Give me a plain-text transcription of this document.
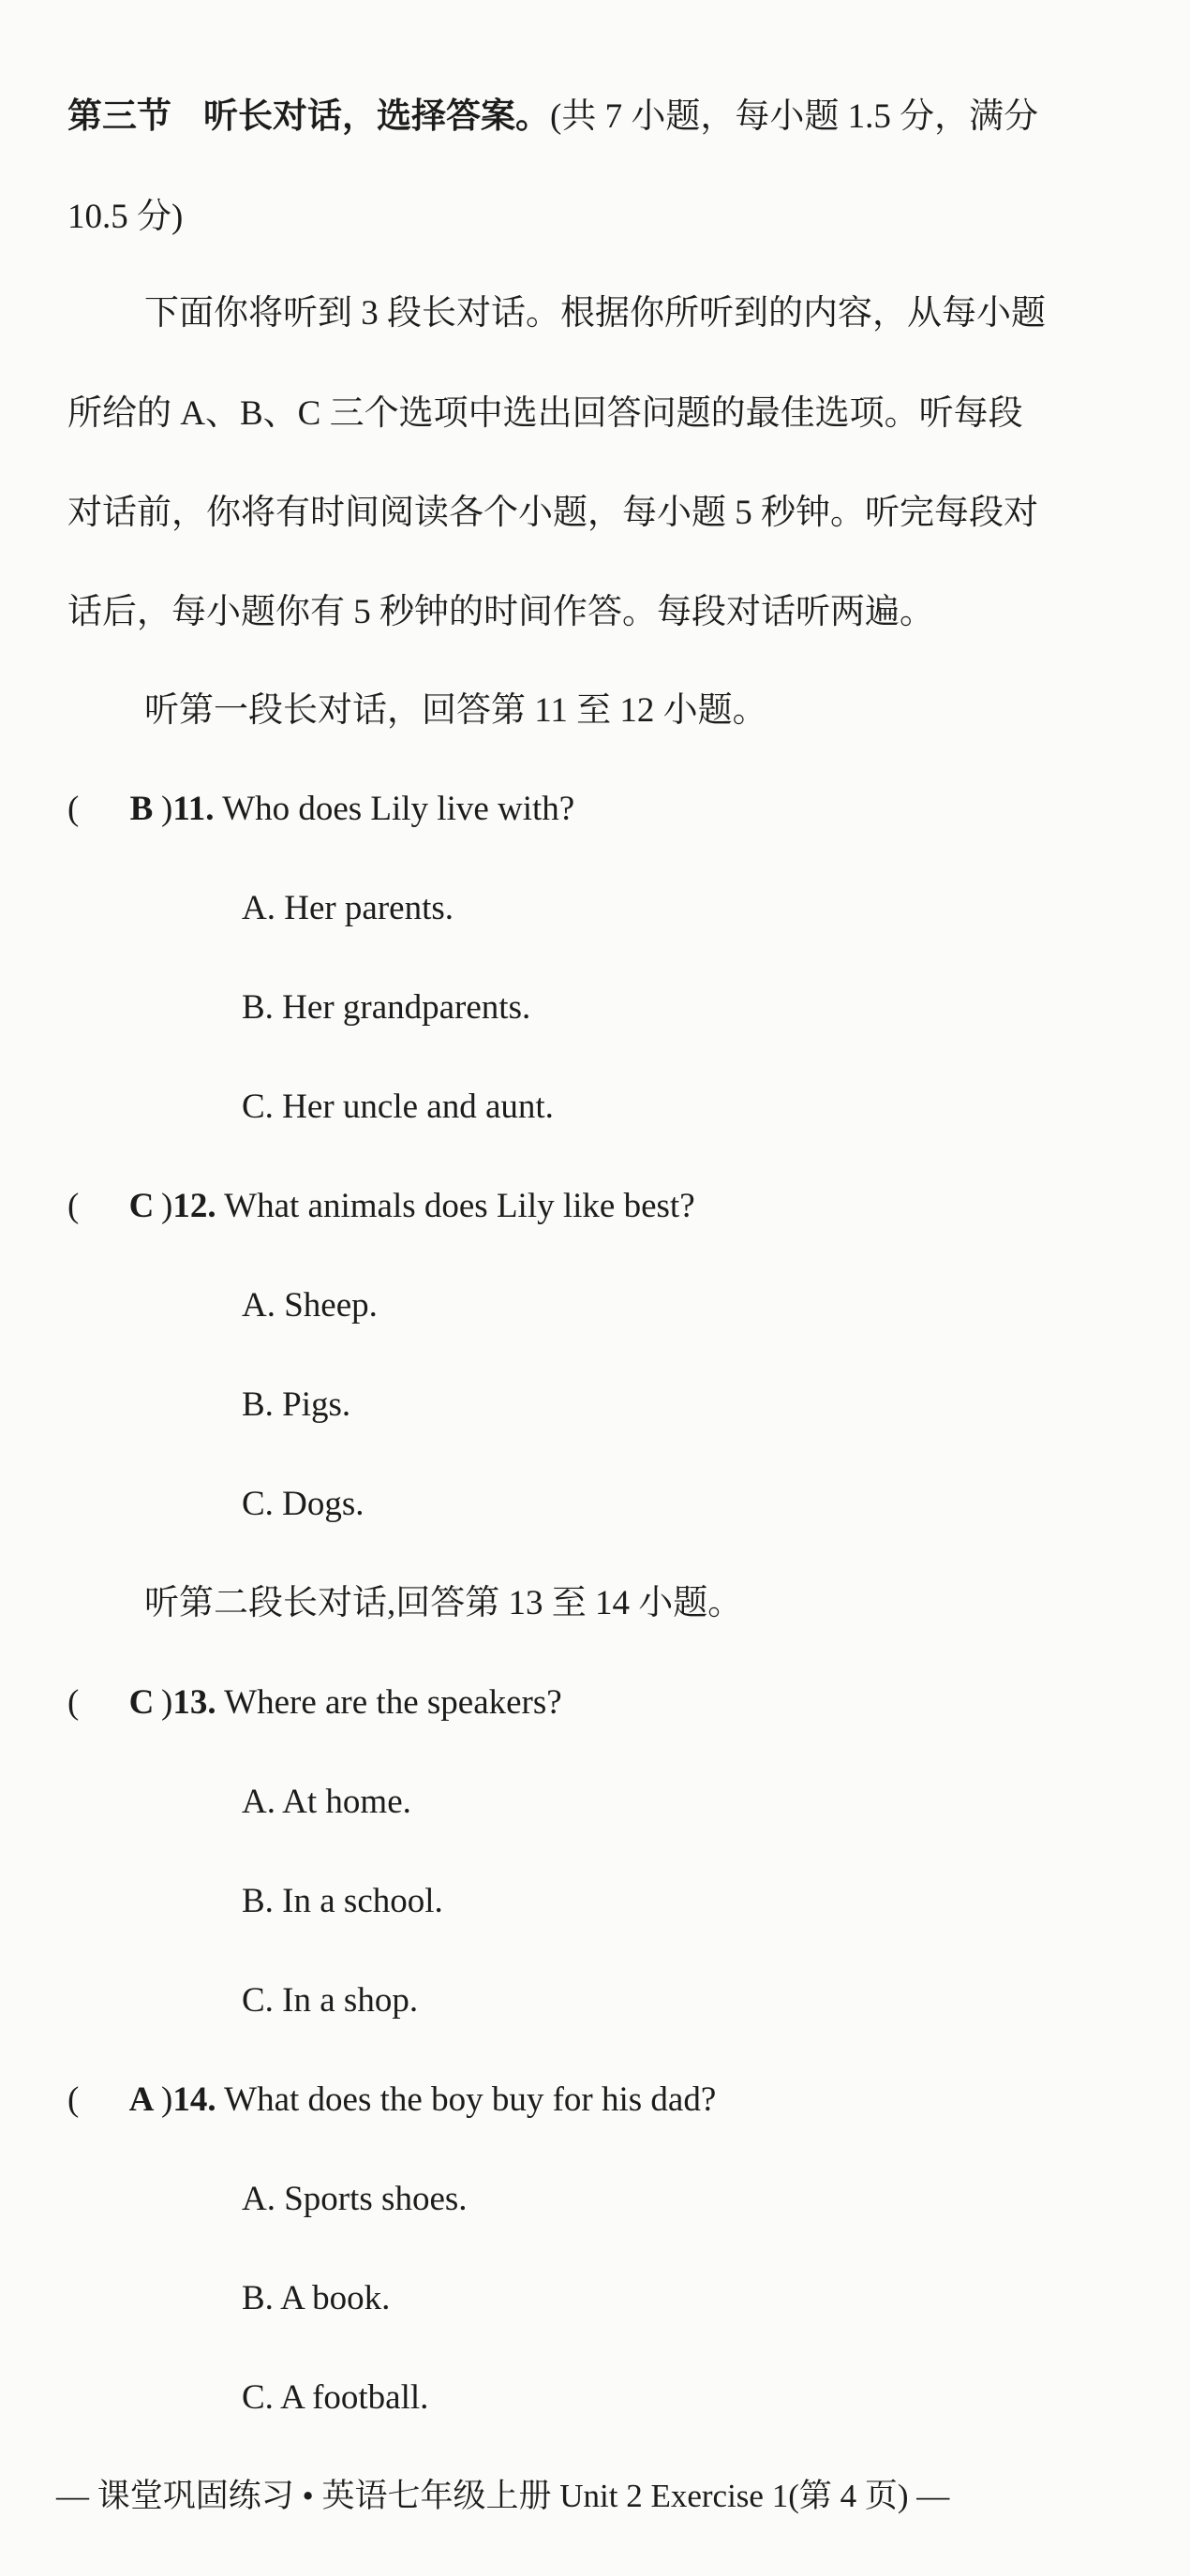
第三节 听长对话，选择答案。(共 7 小题，每小题 1.5 分，满分
10.5 分)
下面你将听到 3 段长对话。根据你所听到的内容，从每小题
所给的 A、B、C 三个选项中选出回答问题的最佳选项。听每段
对话前，你将有时间阅读各个小题，每小题 5 秒钟。听完每段对
话后，每小题你有 5 秒钟的时间作答。每段对话听两遍。
听第一段长对话，回答第 11 至 12 小题。
( B )11. Who does Lily live with?
A. Her parents.
B. Her grandparents.
C. Her uncle and aunt.
( C )12. What animals does Lily like best?
A. Sheep.
B. Pigs.
C. Dogs.
听第二段长对话,回答第 13 至 14 小题。
( C )13. Where are the speakers?
A. At home.
B. In a school.
C. In a shop.
( A )14. What does the boy buy for his dad?
A. Sports shoes.
B. A book.
C. A football.
— 课堂巩固练习 • 英语七年级上册 Unit 2 Exercise 1(第 4 页) —
